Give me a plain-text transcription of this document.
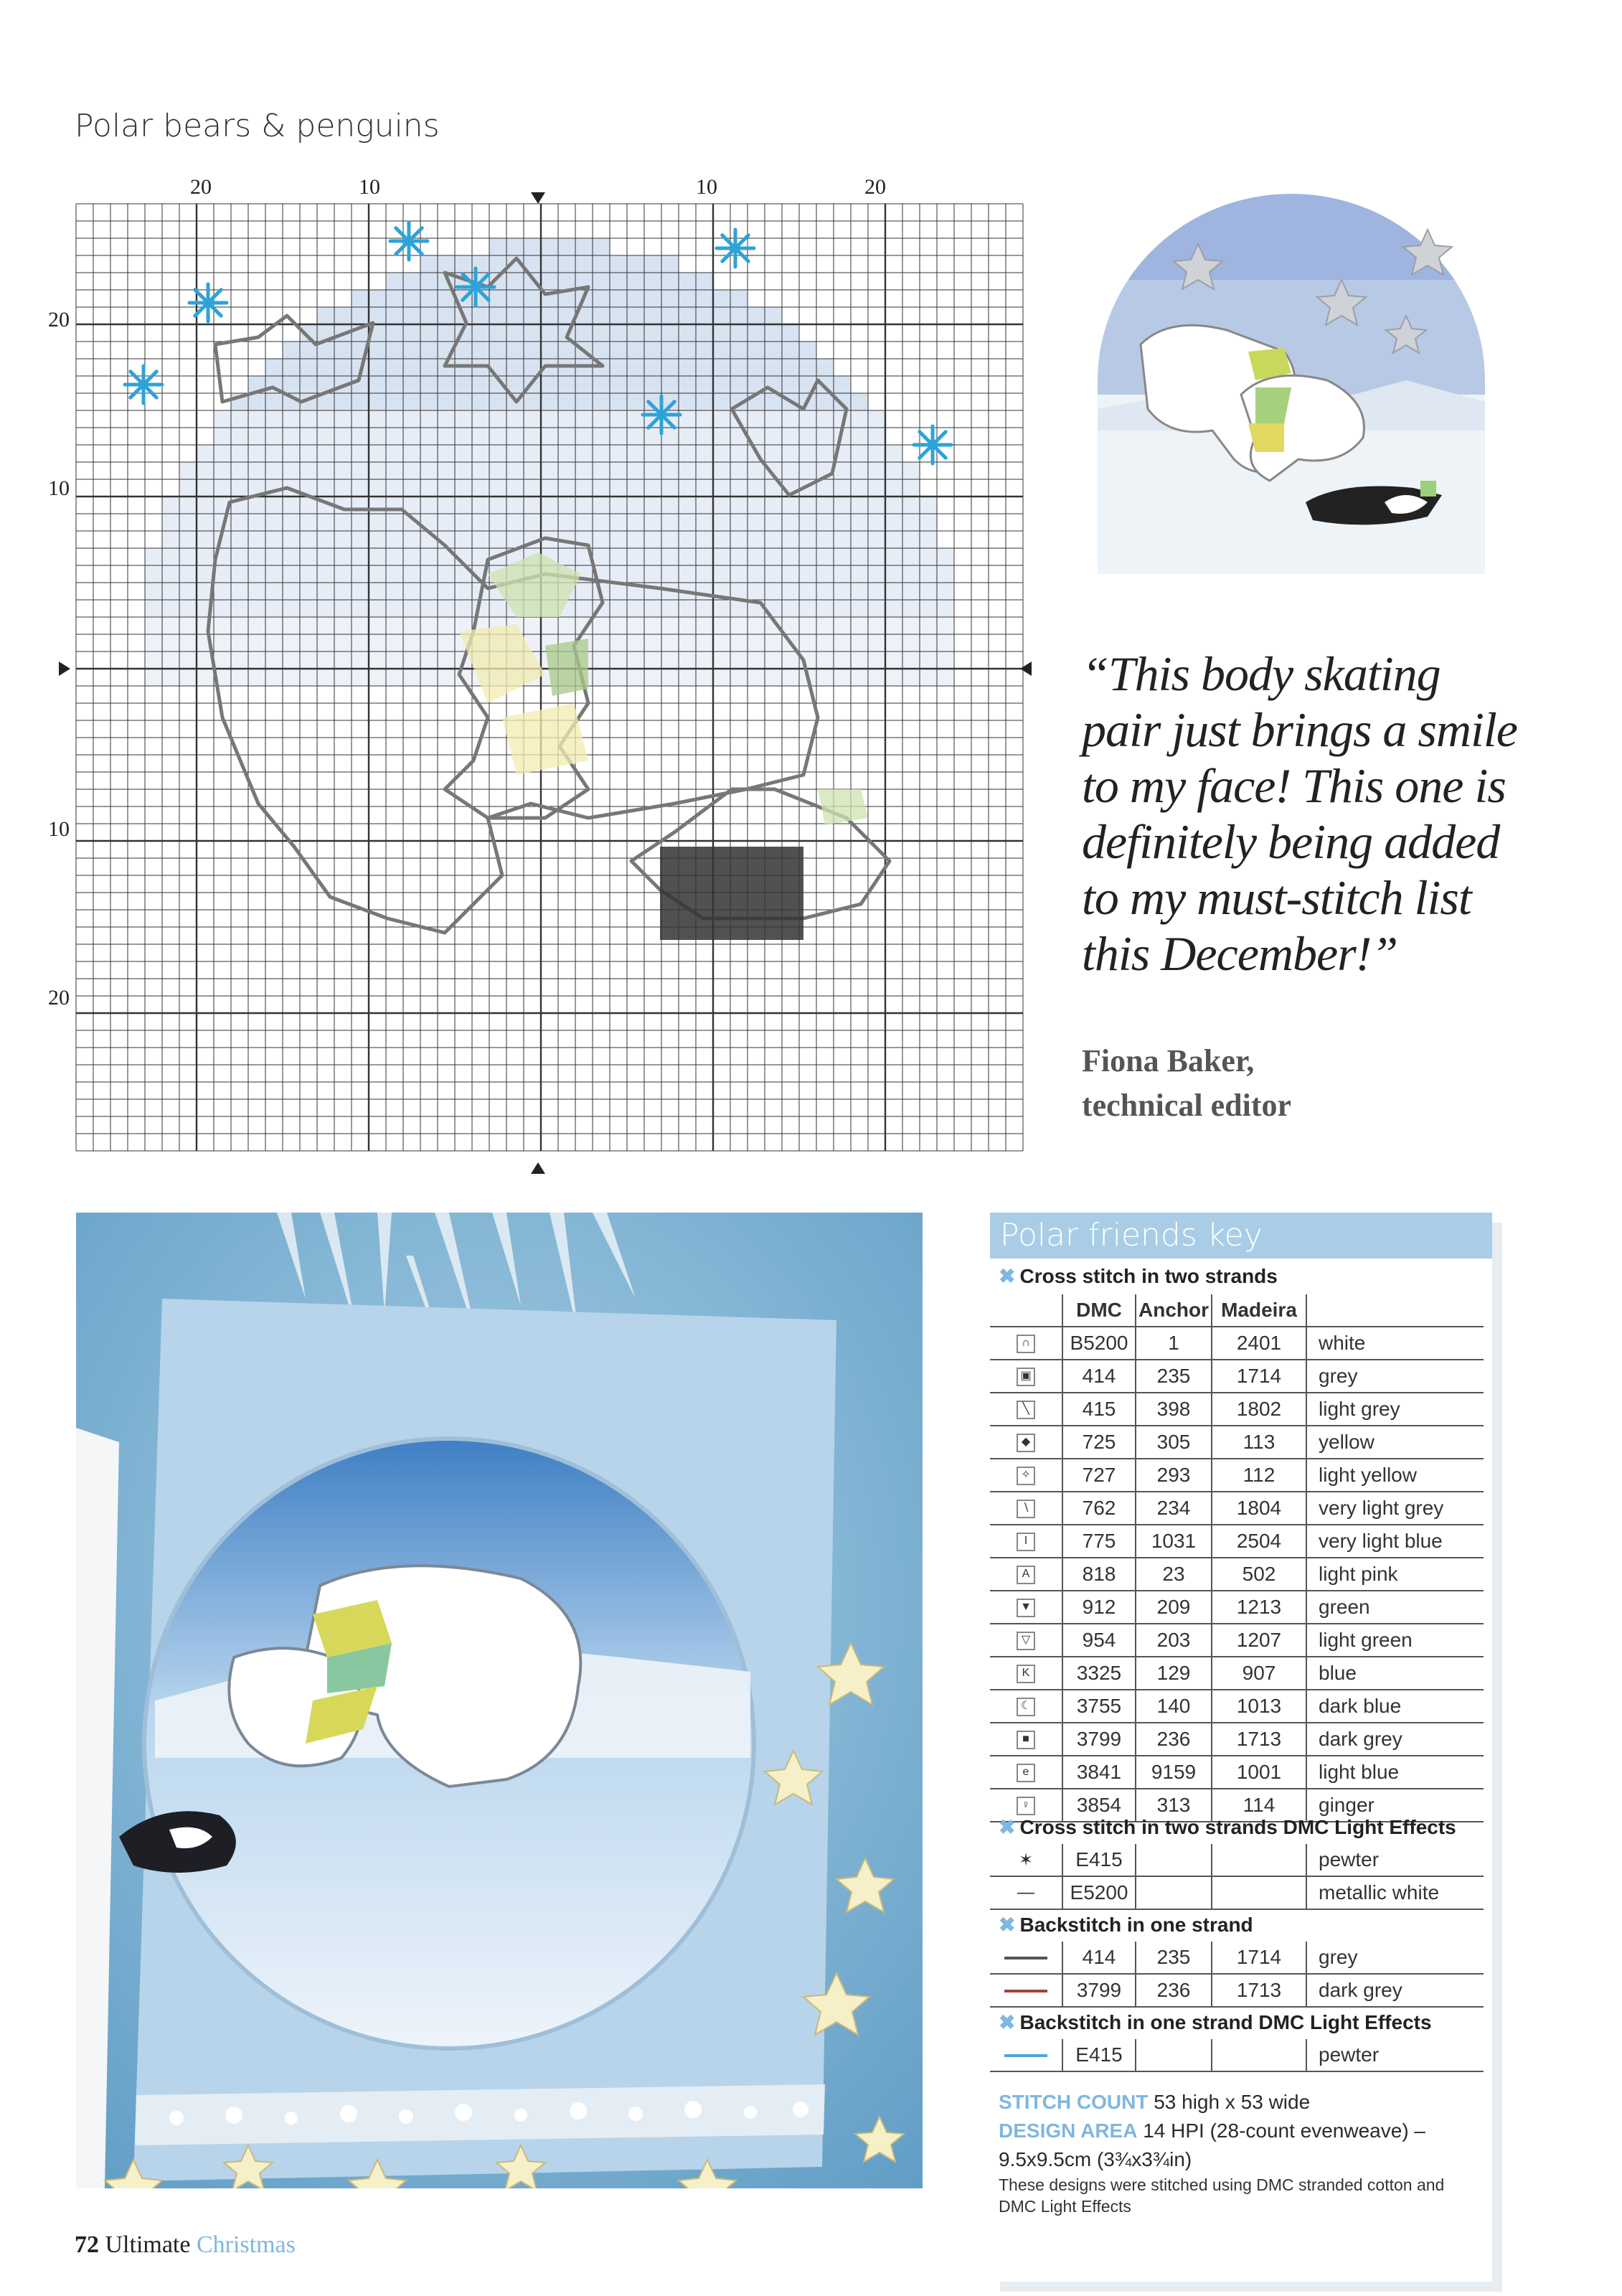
Polar bears & penguins
20	10	10	20
20
10
10
20
“This body skating pair just brings a smile to my face! This one is definitely being added to my must-stitch list this December!”
Fiona Baker,
technical editor
Polar friends key
✖ Cross stitch in two strands
	DMC	Anchor	Madeira	
∩	B5200	1	2401	white
▣	414	235	1714	grey
╲	415	398	1802	light grey
◆	725	305	113	yellow
✧	727	293	112	light yellow
∖	762	234	1804	very light grey
I	775	1031	2504	very light blue
A	818	23	502	light pink
▼	912	209	1213	green
▽	954	203	1207	light green
K	3325	129	907	blue
☾	3755	140	1013	dark blue
■	3799	236	1713	dark grey
e	3841	9159	1001	light blue
♀	3854	313	114	ginger
✖ Cross stitch in two strands DMC Light Effects
✶	E415			pewter
—	E5200			metallic white
✖ Backstitch in one strand
	414	235	1714	grey
	3799	236	1713	dark grey
✖ Backstitch in one strand DMC Light Effects
	E415			pewter
STITCH COUNT 53 high x 53 wide
DESIGN AREA 14 HPI (28-count evenweave) – 9.5x9.5cm (3¾x3¾in)
These designs were stitched using DMC stranded cotton and DMC Light Effects
72 Ultimate Christmas
